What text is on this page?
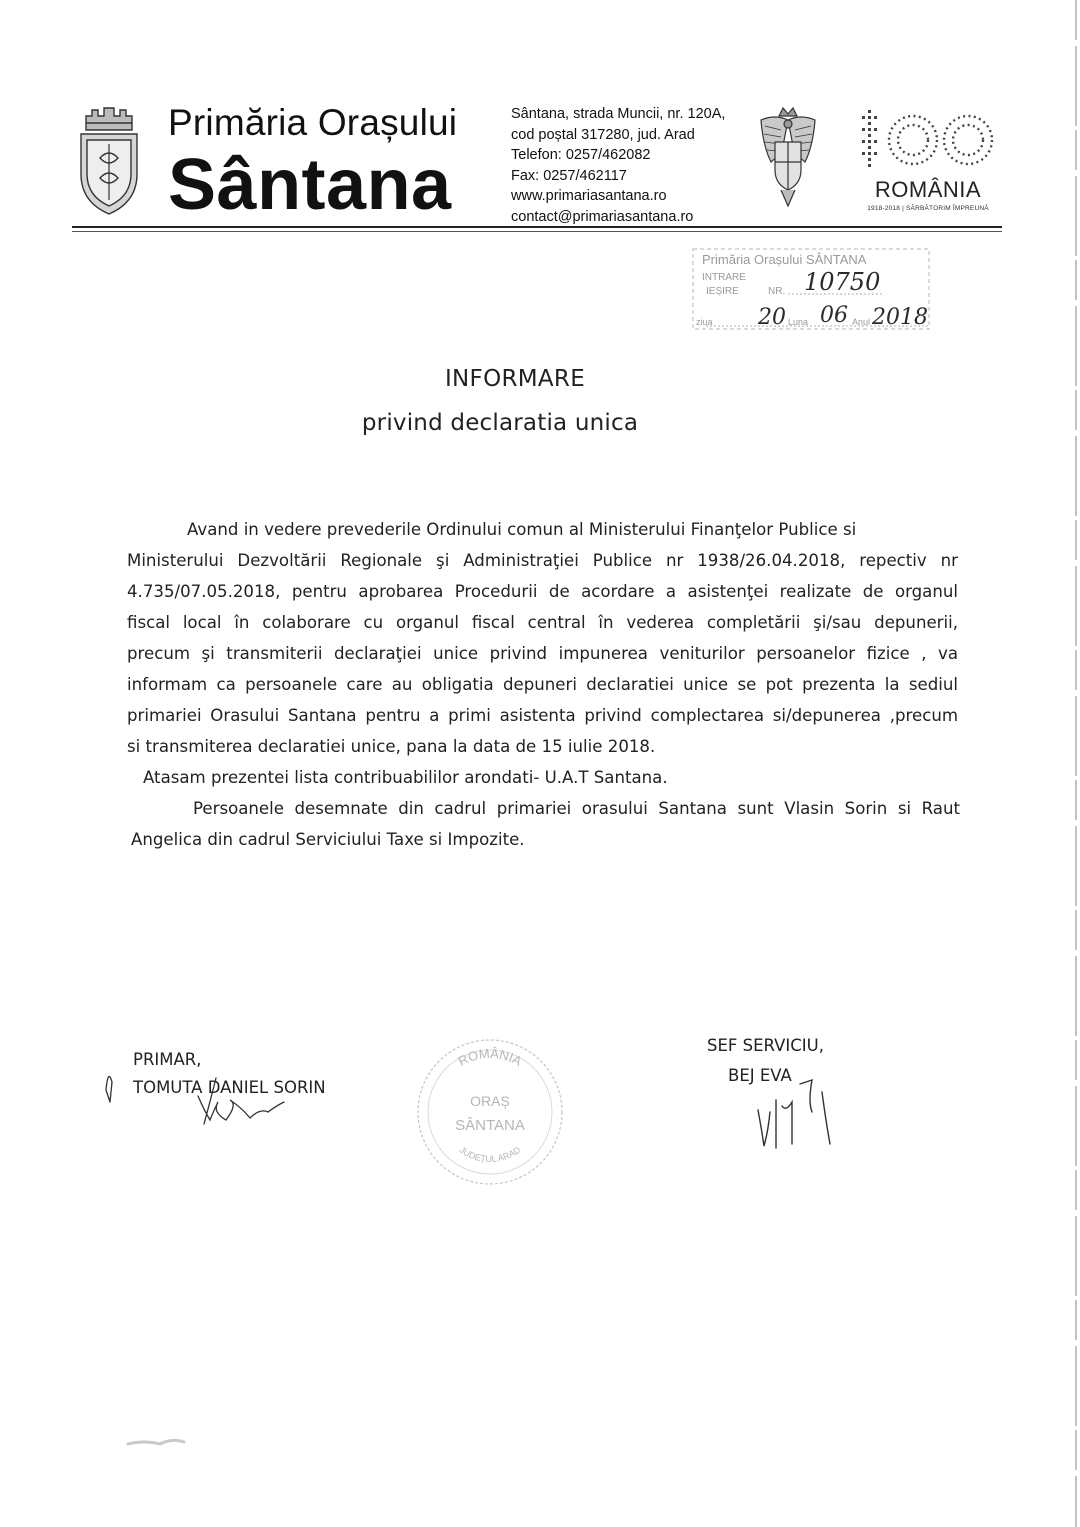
Primăria Orașului
Sântana
Sântana, strada Muncii, nr. 120A,
cod poștal 317280, jud. Arad
Telefon: 0257/462082
Fax: 0257/462117
www.primariasantana.ro
contact@primariasantana.ro
ROMÂNIA
1918-2018 | SĂRBĂTORIM ÎMPREUNĂ
Primăria Orașului SÂNTANA
INTRARE
IEȘIRE	NR. 10750
ziua 20 Luna 06 Anul 2018
INFORMARE
privind declaratia unica
Avand in vedere prevederile Ordinului comun al Ministerului Finanţelor Publice si
Ministerului Dezvoltării Regionale şi Administraţiei Publice nr 1938/26.04.2018, repectiv nr
4.735/07.05.2018, pentru aprobarea Procedurii de acordare a asistenţei realizate de organul
fiscal local în colaborare cu organul fiscal central în vederea completării şi/sau depunerii,
precum şi transmiterii declaraţiei unice privind impunerea veniturilor persoanelor fizice , va
informam ca persoanele care au obligatia depuneri declaratiei unice se pot prezenta la sediul
primariei Orasului Santana pentru a primi asistenta privind complectarea si/depunerea ,precum
si transmiterea declaratiei unice, pana la data de 15 iulie 2018.
Atasam prezentei lista contribuabililor arondati- U.A.T Santana.
Persoanele desemnate din cadrul primariei orasului Santana sunt Vlasin Sorin si Raut
Angelica din cadrul Serviciului Taxe si Impozite.
PRIMAR,
TOMUTA DANIEL SORIN
ROMÂNIA
ORAȘ
SÂNTANA
JUDEȚUL ARAD
SEF SERVICIU,
BEJ EVA
